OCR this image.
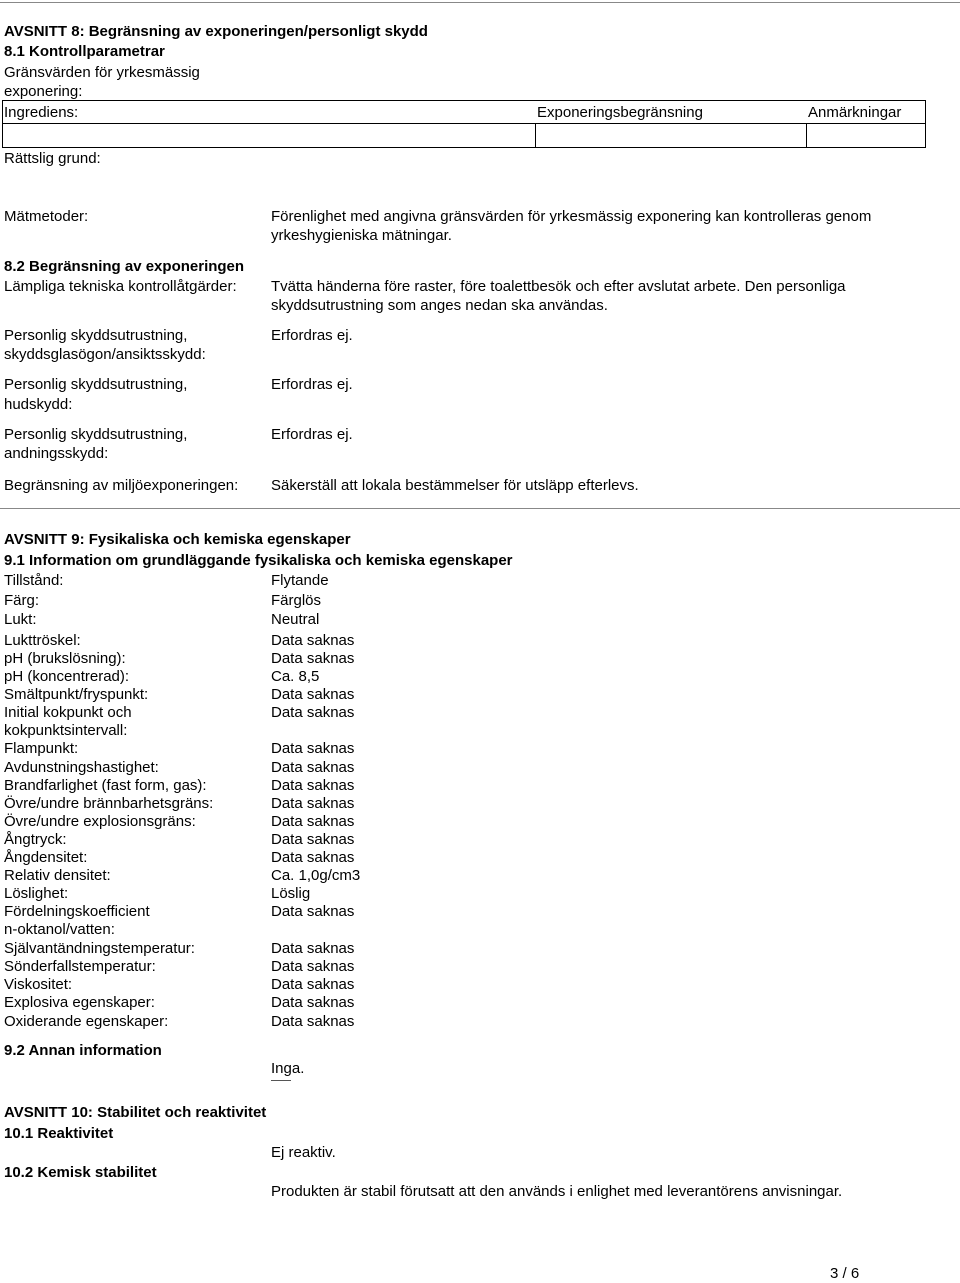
AVSNITT 8: Begränsning av exponeringen/personligt skydd
8.1 Kontrollparametrar
Gränsvärden för yrkesmässig
exponering:
Ingrediens:	Exponeringsbegränsning	Anmärkningar
Rättslig grund:
Mätmetoder:	Förenlighet med angivna gränsvärden för yrkesmässig exponering kan kontrolleras genom
yrkeshygieniska mätningar.
8.2 Begränsning av exponeringen
Lämpliga tekniska kontrollåtgärder: Tvätta händerna före raster, före toalettbesök och efter avslutat arbete. Den personliga
skyddsutrustning som anges nedan ska användas.
Personlig skyddsutrustning,
skyddsglasögon/ansiktsskydd:
Erfordras ej.
Personlig skyddsutrustning,
hudskydd:
Erfordras ej.
Personlig skyddsutrustning,
andningsskydd:
Erfordras ej.
Begränsning av miljöexponeringen: Säkerställ att lokala bestämmelser för utsläpp efterlevs.
AVSNITT 9: Fysikaliska och kemiska egenskaper
9.1 Information om grundläggande fysikaliska och kemiska egenskaper
Tillstånd:	Flytande
Färg:	Färglös
Lukt:	Neutral
Lukttröskel:	Data saknas
pH (brukslösning):	Data saknas
pH (koncentrerad):	Ca. 8,5
Smältpunkt/fryspunkt:	Data saknas
Initial kokpunkt och
kokpunktsintervall:
Data saknas
Flampunkt:	Data saknas
Avdunstningshastighet:	Data saknas
Brandfarlighet (fast form, gas):	Data saknas
Övre/undre brännbarhetsgräns:	Data saknas
Övre/undre explosionsgräns:	Data saknas
Ångtryck:	Data saknas
Ångdensitet:	Data saknas
Relativ densitet:	Ca. 1,0g/cm3
Löslighet:	Löslig
Fördelningskoefficient
n-oktanol/vatten:
Data saknas
Självantändningstemperatur:	Data saknas
Sönderfallstemperatur:	Data saknas
Viskositet:	Data saknas
Explosiva egenskaper:	Data saknas
Oxiderande egenskaper:	Data saknas
9.2 Annan information
Inga.
AVSNITT 10: Stabilitet och reaktivitet
10.1 Reaktivitet
Ej reaktiv.
10.2 Kemisk stabilitet
Produkten är stabil förutsatt att den används i enlighet med leverantörens anvisningar.
3 / 6
